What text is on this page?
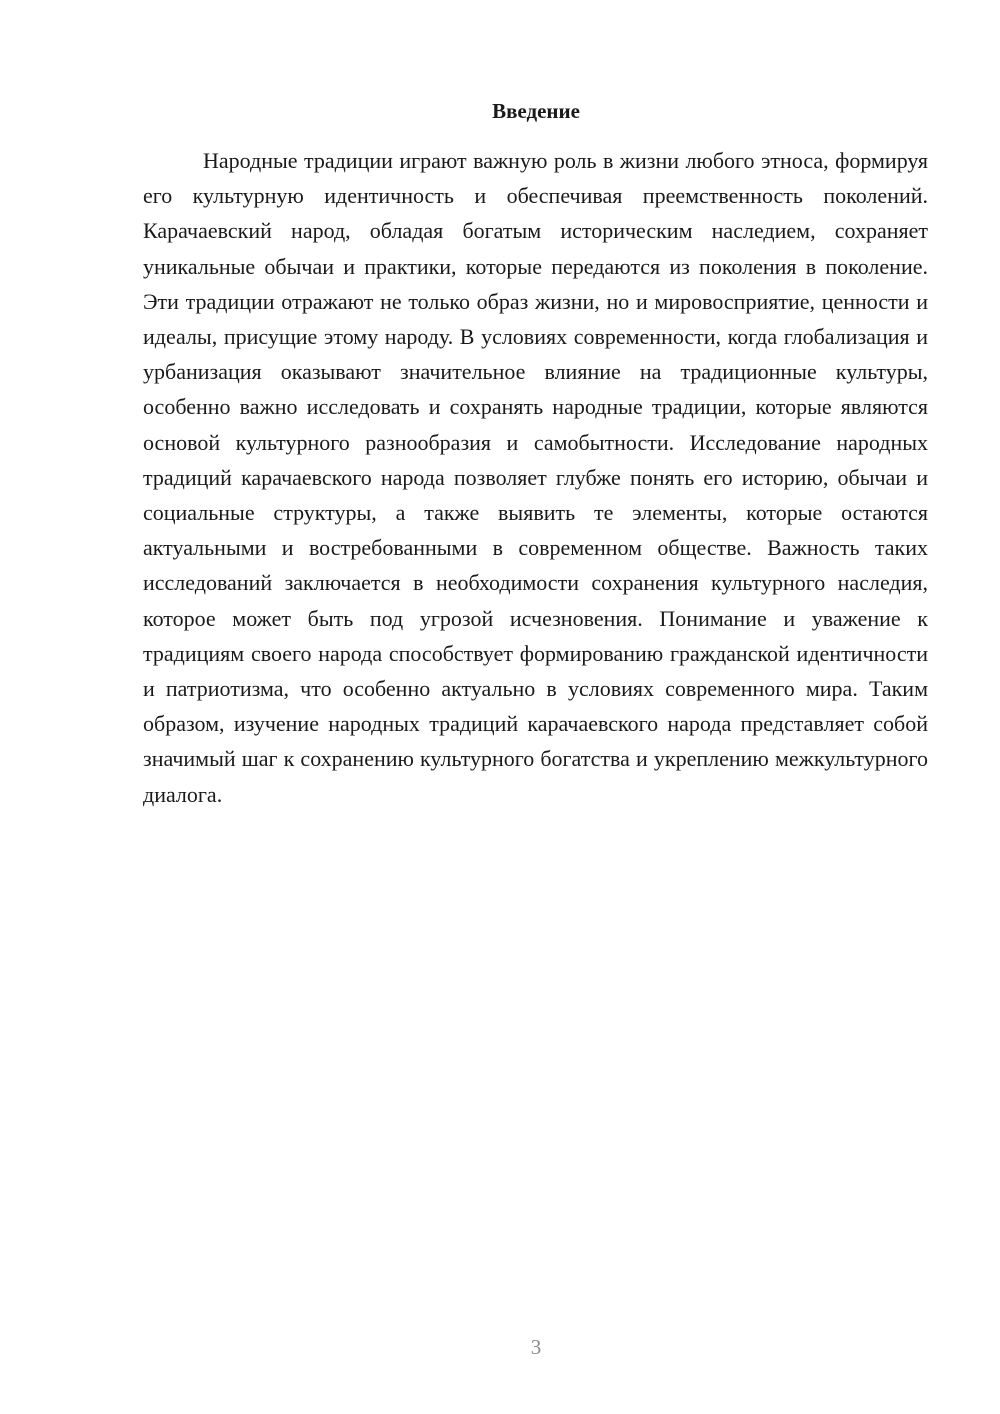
Введение

Народные традиции играют важную роль в жизни любого этноса, формируя его культурную идентичность и обеспечивая преемственность поколений. Карачаевский народ, обладая богатым историческим наследием, сохраняет уникальные обычаи и практики, которые передаются из поколения в поколение. Эти традиции отражают не только образ жизни, но и мировосприятие, ценности и идеалы, присущие этому народу. В условиях современности, когда глобализация и урбанизация оказывают значительное влияние на традиционные культуры, особенно важно исследовать и сохранять народные традиции, которые являются основой культурного разнообразия и самобытности. Исследование народных традиций карачаевского народа позволяет глубже понять его историю, обычаи и социальные структуры, а также выявить те элементы, которые остаются актуальными и востребованными в современном обществе. Важность таких исследований заключается в необходимости сохранения культурного наследия, которое может быть под угрозой исчезновения. Понимание и уважение к традициям своего народа способствует формированию гражданской идентичности и патриотизма, что особенно актуально в условиях современного мира. Таким образом, изучение народных традиций карачаевского народа представляет собой значимый шаг к сохранению культурного богатства и укреплению межкультурного диалога.

3
